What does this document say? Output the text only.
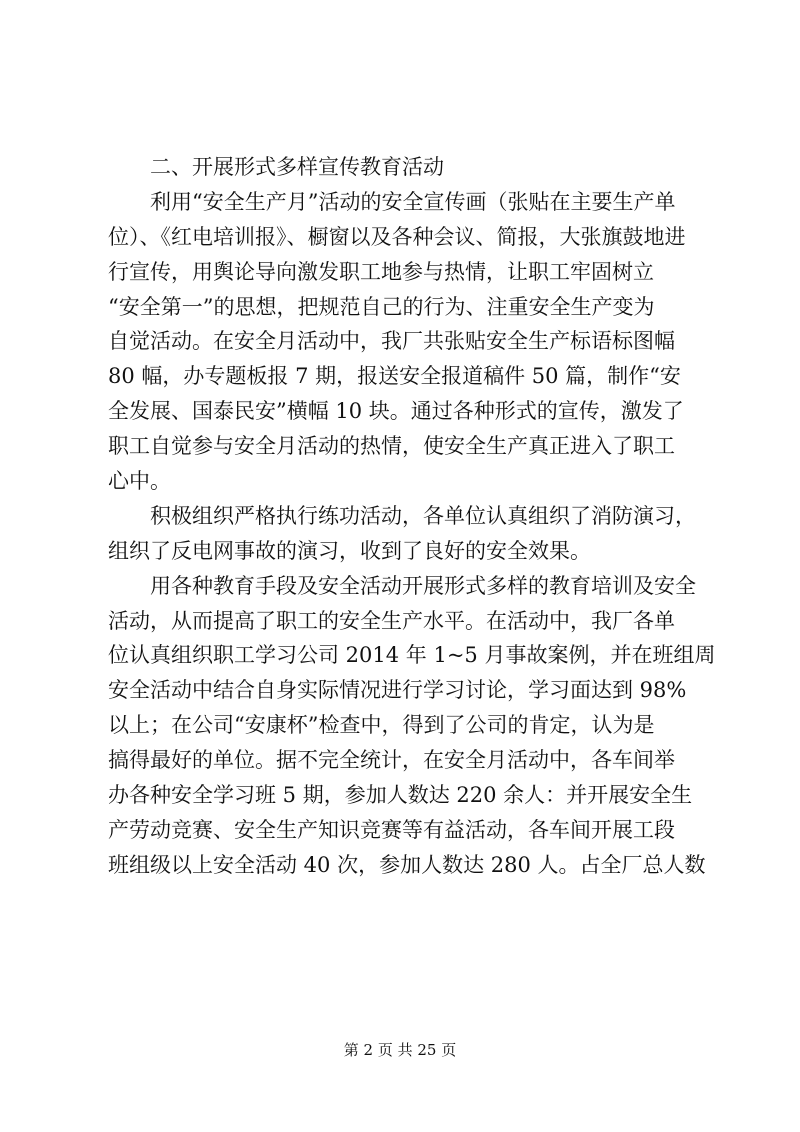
二、开展形式多样宣传教育活动
利用“安全生产月”活动的安全宣传画（张贴在主要生产单
位）、《红电培训报》、橱窗以及各种会议、简报，大张旗鼓地进
行宣传，用舆论导向激发职工地参与热情，让职工牢固树立
“安全第一”的思想，把规范自己的行为、注重安全生产变为
自觉活动。在安全月活动中，我厂共张贴安全生产标语标图幅
80 幅，办专题板报 7 期，报送安全报道稿件 50 篇，制作“安
全发展、国泰民安”横幅 10 块。通过各种形式的宣传，激发了
职工自觉参与安全月活动的热情，使安全生产真正进入了职工
心中。
积极组织严格执行练功活动，各单位认真组织了消防演习，
组织了反电网事故的演习，收到了良好的安全效果。
用各种教育手段及安全活动开展形式多样的教育培训及安全
活动，从而提高了职工的安全生产水平。在活动中，我厂各单
位认真组织职工学习公司 2014 年 1~5 月事故案例，并在班组周
安全活动中结合自身实际情况进行学习讨论，学习面达到 98%
以上；在公司“安康杯”检查中，得到了公司的肯定，认为是
搞得最好的单位。据不完全统计，在安全月活动中，各车间举
办各种安全学习班 5 期，参加人数达 220 余人：并开展安全生
产劳动竞赛、安全生产知识竞赛等有益活动，各车间开展工段
班组级以上安全活动 40 次，参加人数达 280 人。占全厂总人数
第 2 页 共 25 页
